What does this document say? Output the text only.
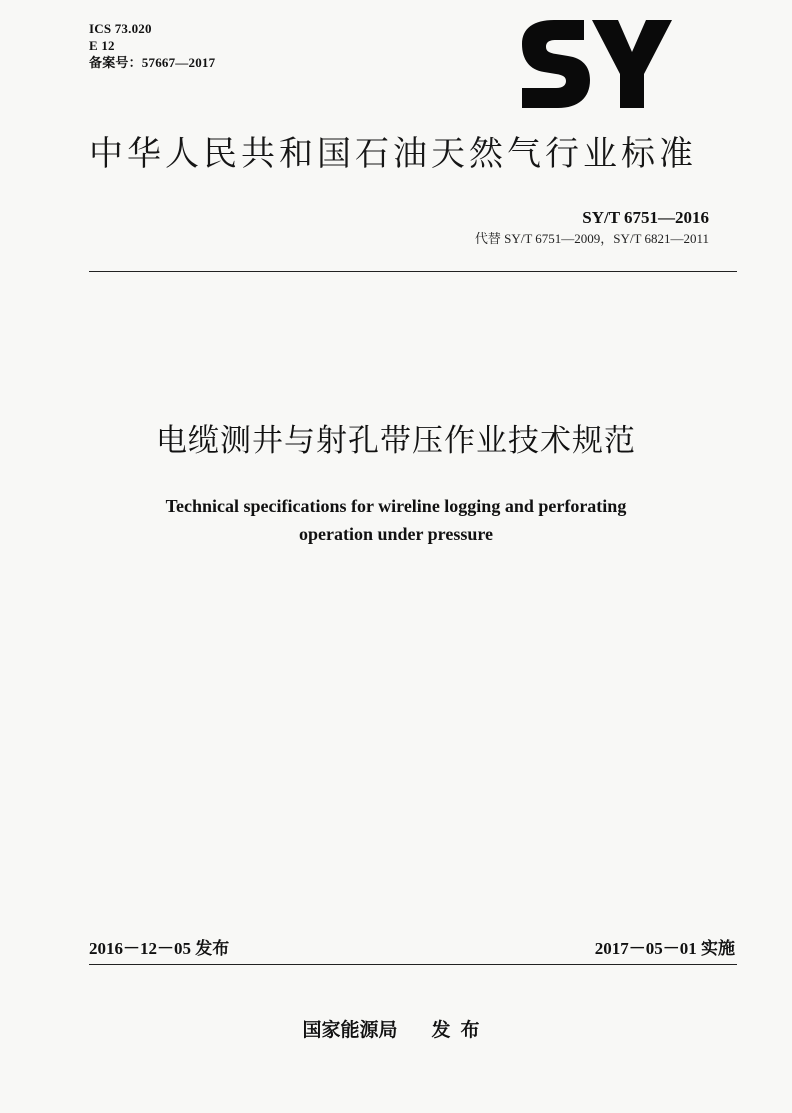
ICS 73.020
E 12
备案号：57667—2017
中华人民共和国石油天然气行业标准
SY/T 6751—2016
代替 SY/T 6751—2009，SY/T 6821—2011
电缆测井与射孔带压作业技术规范
Technical specifications for wireline logging and perforating
operation under pressure
2016－12－05 发布	2017－05－01 实施
国家能源局 发布
